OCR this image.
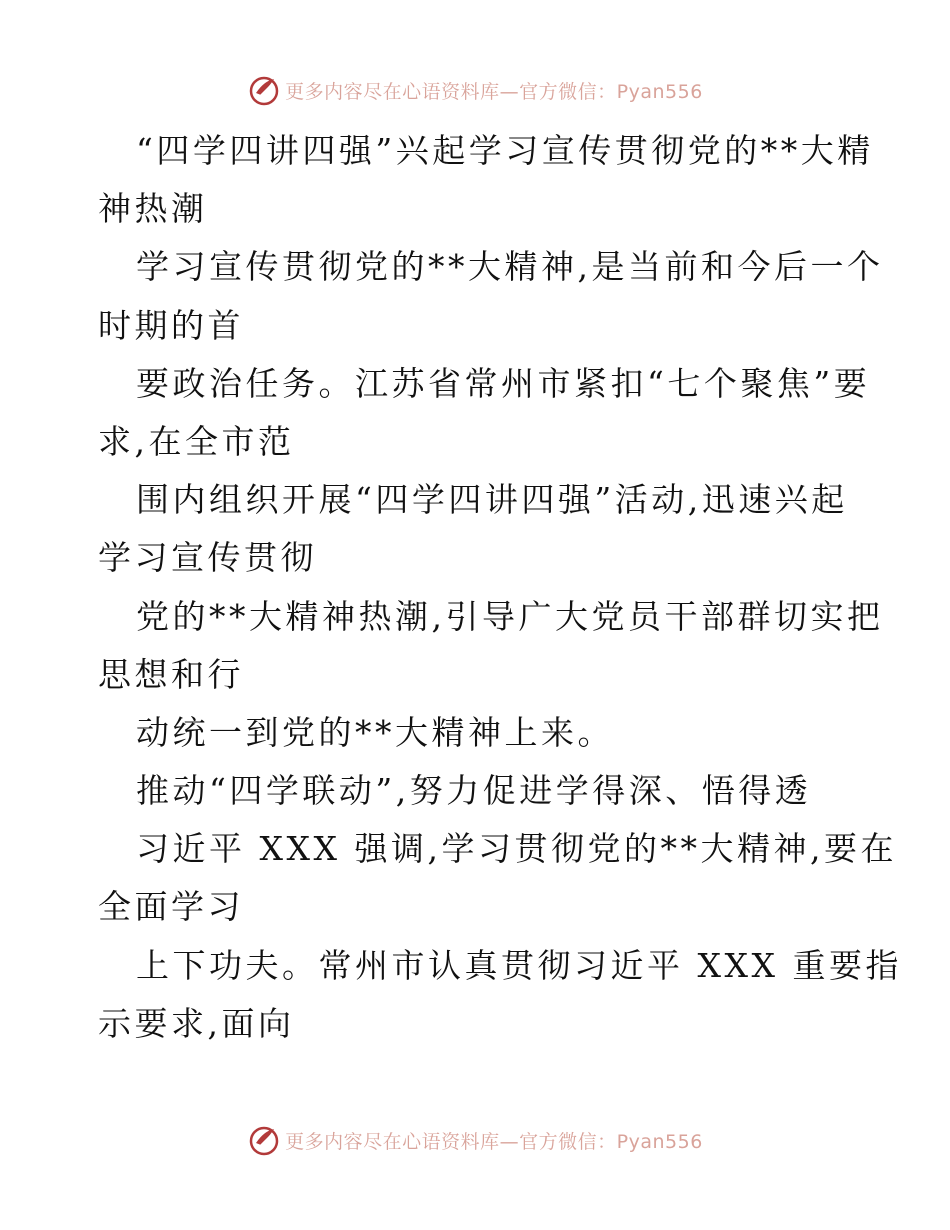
更多内容尽在心语资料库—官方微信：Pyan556
“四学四讲四强”兴起学习宣传贯彻党的**大精
神热潮
学习宣传贯彻党的**大精神,是当前和今后一个
时期的首
要政治任务。江苏省常州市紧扣“七个聚焦”要
求,在全市范
围内组织开展“四学四讲四强”活动,迅速兴起
学习宣传贯彻
党的**大精神热潮,引导广大党员干部群切实把
思想和行
动统一到党的**大精神上来。
推动“四学联动”,努力促进学得深、悟得透
习近平 XXX 强调,学习贯彻党的**大精神,要在
全面学习
上下功夫。常州市认真贯彻习近平 XXX 重要指
示要求,面向
更多内容尽在心语资料库—官方微信：Pyan556
